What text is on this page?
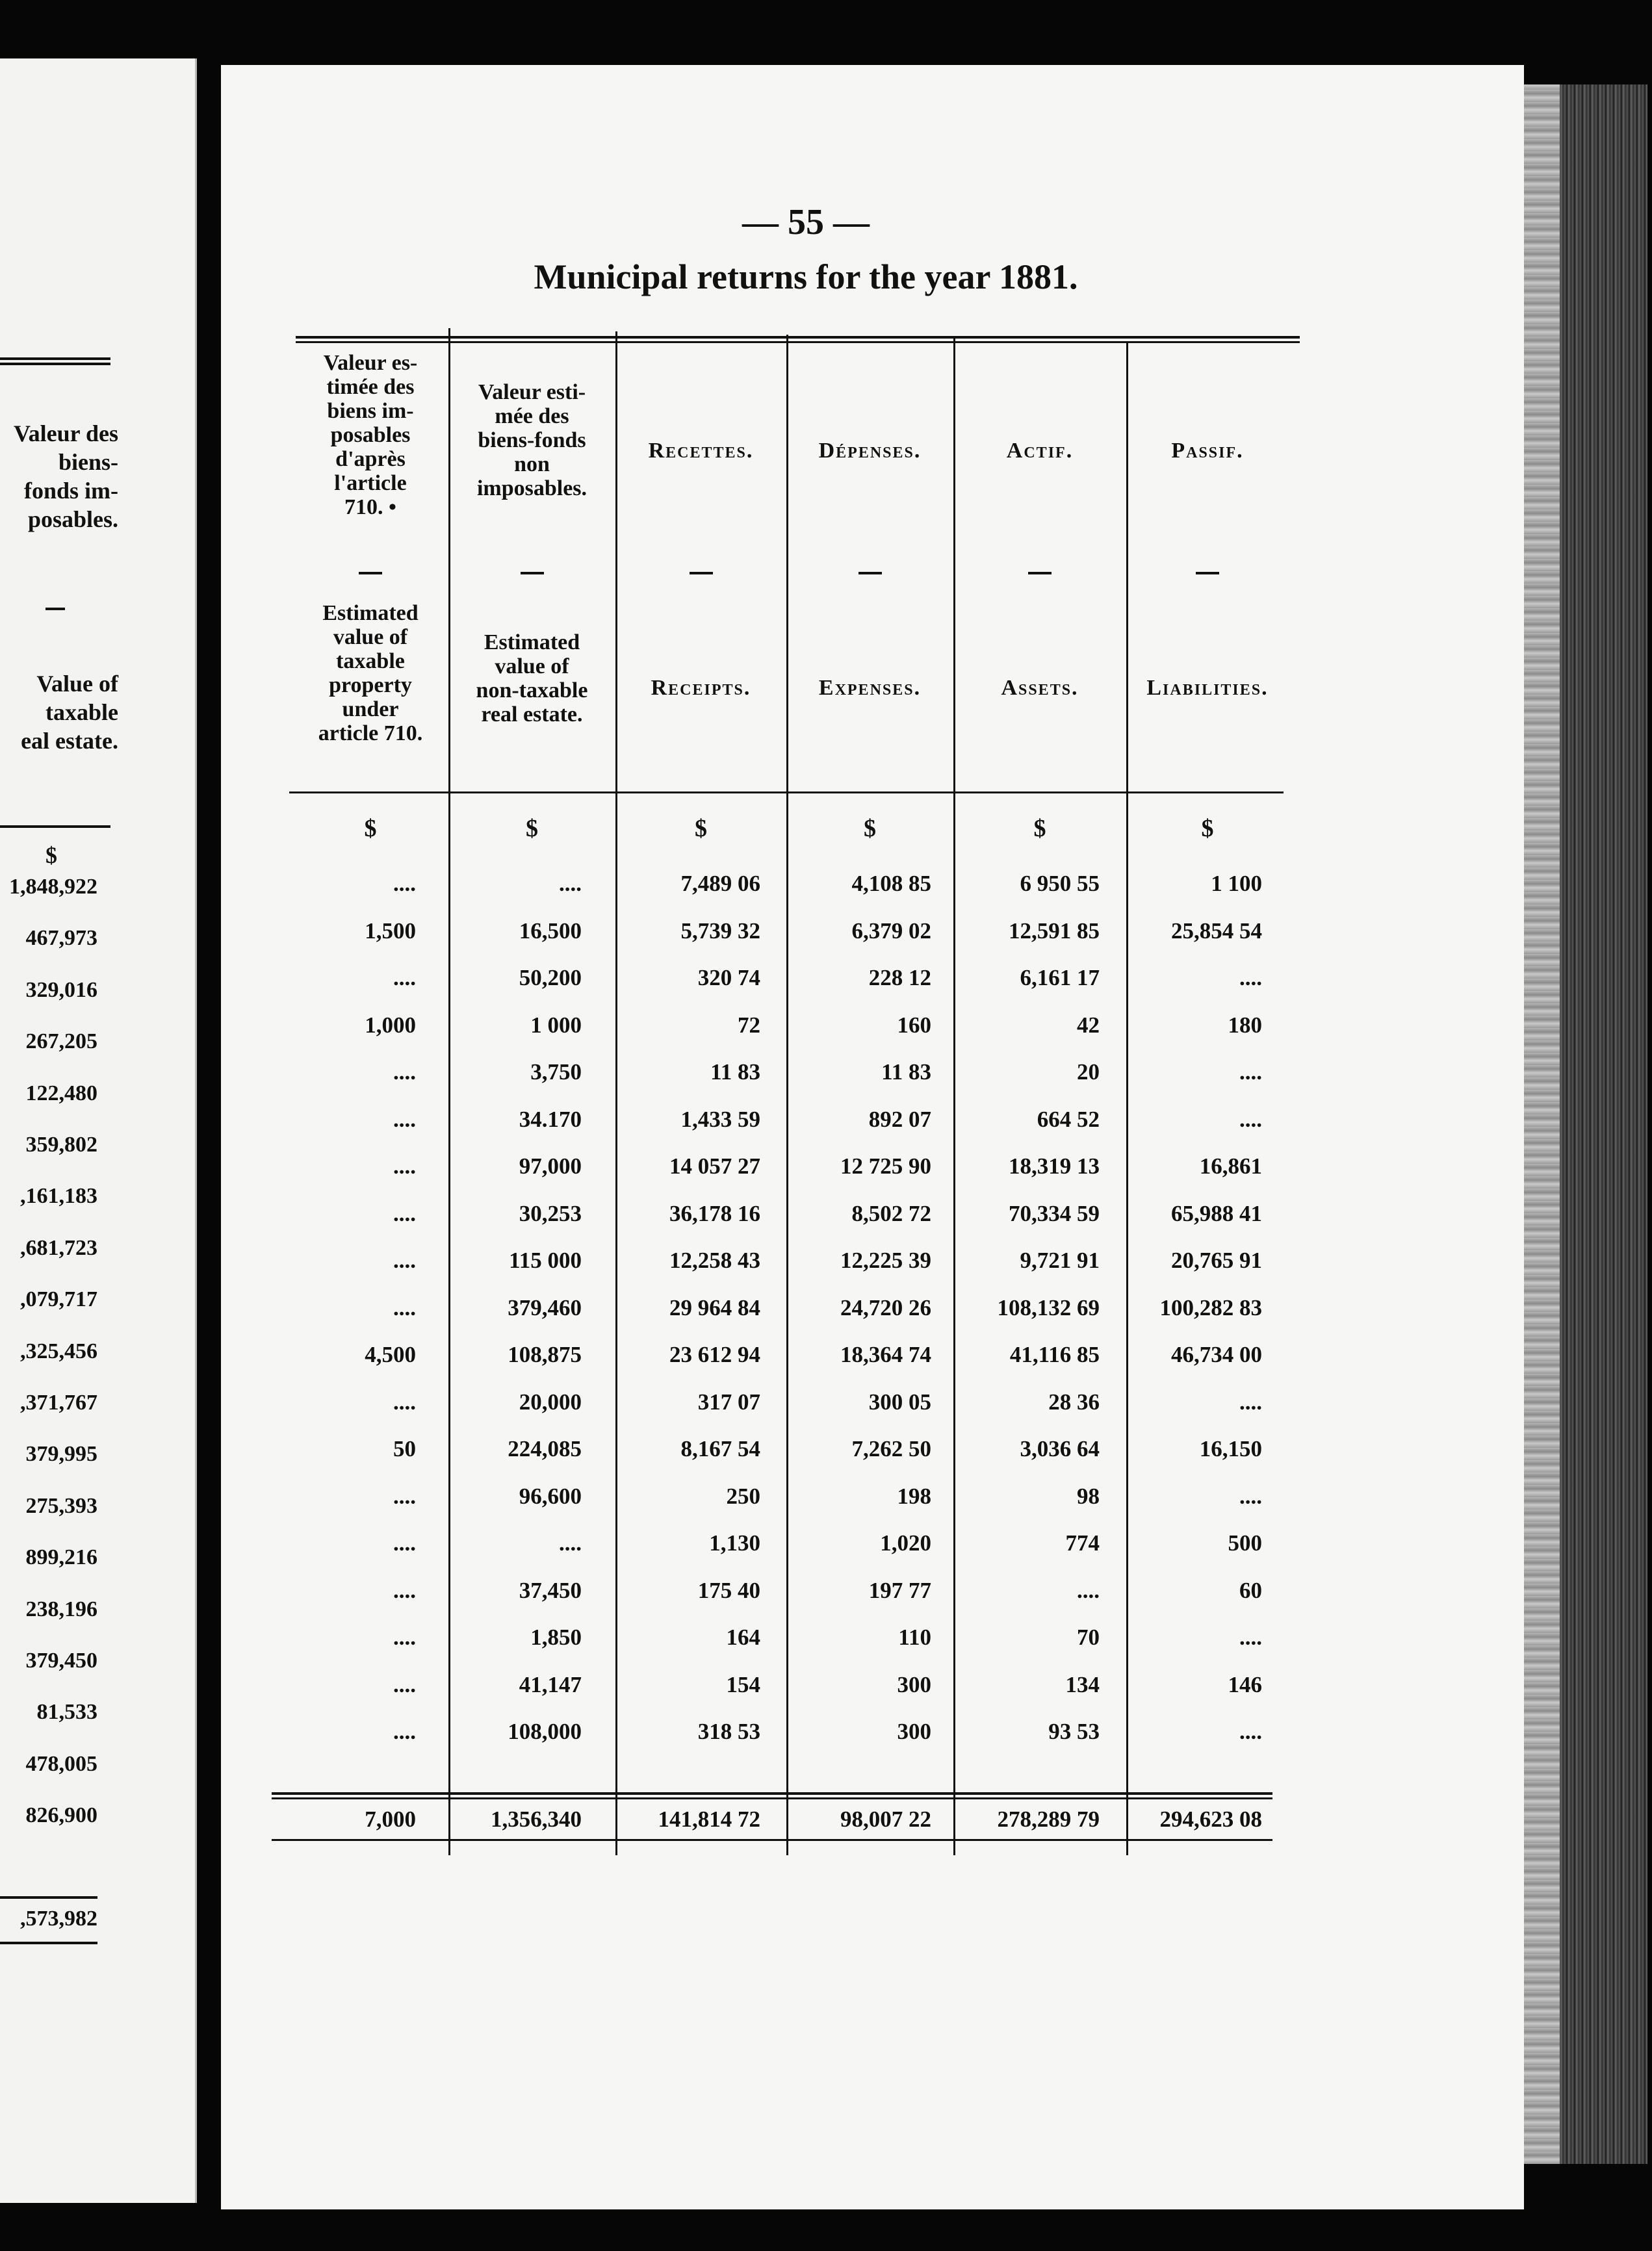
Valeur des
biens-
fonds im-
posables.
Value of
taxable
eal estate.
$
1,848,922
467,973
329,016
267,205
122,480
359,802
,161,183
,681,723
,079,717
,325,456
,371,767
379,995
275,393
899,216
238,196
379,450
81,533
478,005
826,900
,573,982
— 55 —
Municipal returns for the year 1881.
Valeur es-
timée des
biens im-
posables
d'après
l'article
710. •
Estimated
value of
taxable
property
under
article 710.
$
Valeur esti-
mée des
biens-fonds
non
imposables.
Estimated
value of
non-taxable
real estate.
$
Recettes.
Receipts.
$
Dépenses.
Expenses.
$
Actif.
Assets.
$
Passif.
Liabilities.
$
....	....	7,489 06	4,108 85	6 950 55	1 100
1,500	16,500	5,739 32	6,379 02	12,591 85	25,854 54
....	50,200	320 74	228 12	6,161 17	....
1,000	1 000	72	160	42	180
....	3,750	11 83	11 83	20	....
....	34.170	1,433 59	892 07	664 52	....
....	97,000	14 057 27	12 725 90	18,319 13	16,861
....	30,253	36,178 16	8,502 72	70,334 59	65,988 41
....	115 000	12,258 43	12,225 39	9,721 91	20,765 91
....	379,460	29 964 84	24,720 26	108,132 69	100,282 83
4,500	108,875	23 612 94	18,364 74	41,116 85	46,734 00
....	20,000	317 07	300 05	28 36	....
50	224,085	8,167 54	7,262 50	3,036 64	16,150
....	96,600	250	198	98	....
....	....	1,130	1,020	774	500
....	37,450	175 40	197 77	....	60
....	1,850	164	110	70	....
....	41,147	154	300	134	146
....	108,000	318 53	300	93 53	....
7,000	1,356,340	141,814 72	98,007 22	278,289 79	294,623 08
